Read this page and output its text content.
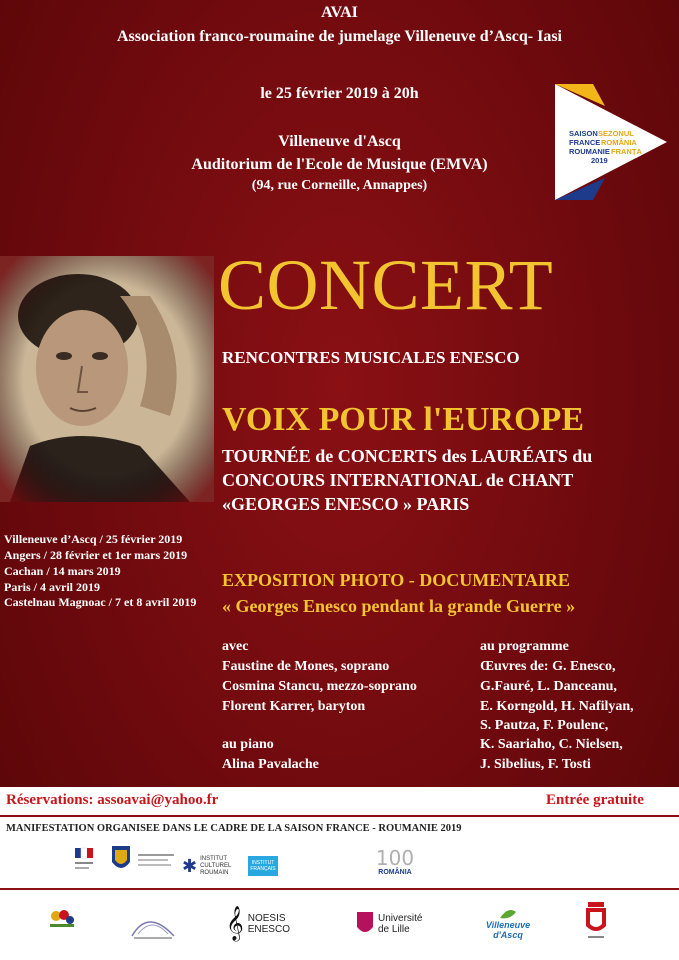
AVAI
Association franco-roumaine de jumelage Villeneuve d’Ascq- Iasi
le 25 février 2019 à 20h
Villeneuve d'Ascq
Auditorium de l'Ecole de Musique (EMVA)
(94, rue Corneille, Annappes)
SAISON SEZONUL
FRANCE ROMÂNIA
ROUMANIE FRANȚA
2019
CONCERT
RENCONTRES MUSICALES ENESCO
VOIX POUR l'EUROPE
TOURNÉE de CONCERTS des LAURÉATS du
CONCOURS INTERNATIONAL de CHANT
«GEORGES ENESCO » PARIS
Villeneuve d’Ascq / 25 février 2019
Angers / 28 février et 1er mars 2019
Cachan / 14 mars 2019
Paris / 4 avril 2019
Castelnau Magnoac / 7 et 8 avril 2019
EXPOSITION PHOTO - DOCUMENTAIRE
« Georges Enesco pendant la grande Guerre »
avec
Faustine de Mones, soprano
Cosmina Stancu, mezzo-soprano
Florent Karrer, baryton
au piano
Alina Pavalache
au programme
Œuvres de: G. Enesco,
G.Fauré, L. Danceanu,
E. Korngold, H. Nafilyan,
S. Pautza, F. Poulenc,
K. Saariaho, C. Nielsen,
J. Sibelius, F. Tosti
Réservations: assoavai@yahoo.fr	Entrée gratuite
MANIFESTATION ORGANISEE DANS LE CADRE DE LA SAISON FRANCE - ROUMANIE 2019
✱ INSTITUT
CULTUREL
ROUMAIN
INSTITUT
FRANÇAIS	100
ROMÂNIA
𝄞 NOESIS
ENESCO
Université
de Lille	Villeneuve
d'Ascq
